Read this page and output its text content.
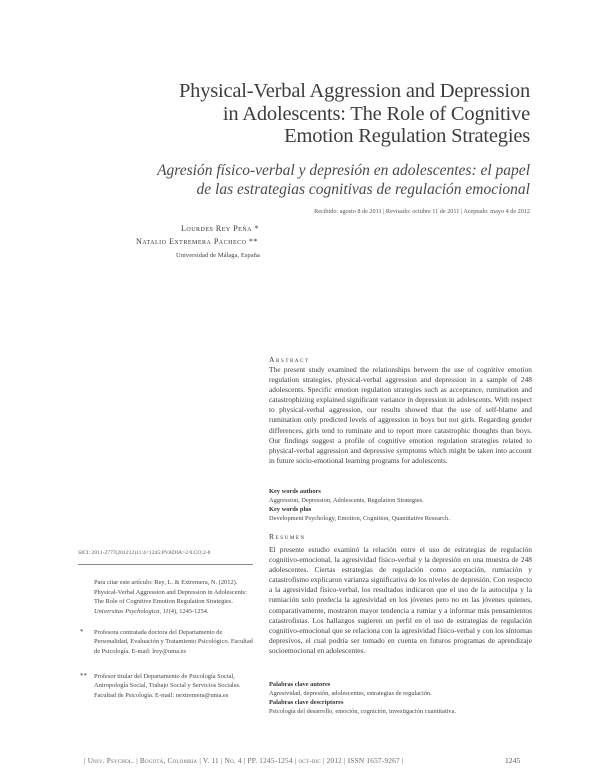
Physical-Verbal Aggression and Depression
in Adolescents: The Role of Cognitive
Emotion Regulation Strategies
Agresión físico-verbal y depresión en adolescentes: el papel
de las estrategias cognitivas de regulación emocional
Recibido: agosto 8 de 2011 | Revisado: octubre 11 de 2011 | Aceptado: mayo 4 de 2012
Lourdes Rey Peña *
Natalio Extremera Pacheco **
Universidad de Málaga, España
Abstract
The present study examined the relationships between the use of cognitive emotion regulation strategies, physical-verbal aggression and depression in a sample of 248 adolescents. Specific emotion regulation strategies such as acceptance, rumination and catastrophizing explained significant variance in depression in adolescents. With respect to physical-verbal aggression, our results showed that the use of self-blame and rumination only predicted levels of aggression in boys but not girls. Regarding gender differences, girls tend to ruminate and to report more catastrophic thoughts than boys. Our findings suggest a profile of cognitive emotion regulation strategies related to physical-verbal aggression and depressive symptoms which might be taken into account in future socio-emotional learning programs for adolescents.
Key words authors
Aggression, Depression, Adolescents, Regulation Strategies.
Key words plus
Development Psychology, Emotion, Cognition, Quantitative Research.
Resumen
El presente estudio examinó la relación entre el uso de estrategias de regulación cognitivo-emocional, la agresividad físico-verbal y la depresión en una muestra de 248 adolescentes. Ciertas estrategias de regulación como aceptación, rumiación y catastrofismo explicaron varianza significativa de los niveles de depresión. Con respecto a la agresividad físico-verbal, los resultados indicaron que el uso de la autoculpa y la rumiación solo predecía la agresividad en los jóvenes pero no en las jóvenes quienes, comparativamente, mostraron mayor tendencia a rumiar y a informar más pensamientos catastrofistas. Los hallazgos sugieren un perfil en el uso de estrategias de regulación cognitivo-emocional que se relaciona con la agresividad físico-verbal y con los síntomas depresivos, el cual podría ser tomado en cuenta en futuros programas de aprendizaje socioemocional en adolescentes.
Palabras clave autores
Agresividad, depresión, adolescentes, estrategias de regulación.
Palabras clave descriptores
Psicología del desarrollo, emoción, cognición, investigación cuantitativa.
SICI: 2011-2777(201212)11:4<1245:PVADIA>2.0.CO;2-8
Para citar este artículo: Rey, L. & Extremera, N. (2012). Physical-Verbal Aggression and Depression in Adolescents: The Role of Cognitive Emotion Regulation Strategies. Universitas Psychologica, 11(4), 1245-1254.
* Profesora contratada doctora del Departamento de Personalidad, Evaluación y Tratamiento Psicológico. Facultad de Psicología. E-mail: lrey@uma.es
** Profesor titular del Departamento de Psicología Social, Antropología Social, Trabajo Social y Servicios Sociales. Facultad de Psicología. E-mail: nextremera@uma.es
| Univ. Psychol. | Bogotá, Colombia | V. 11 | No. 4 | PP. 1245-1254 | oct-dic | 2012 | ISSN 1657-9267 |	1245
